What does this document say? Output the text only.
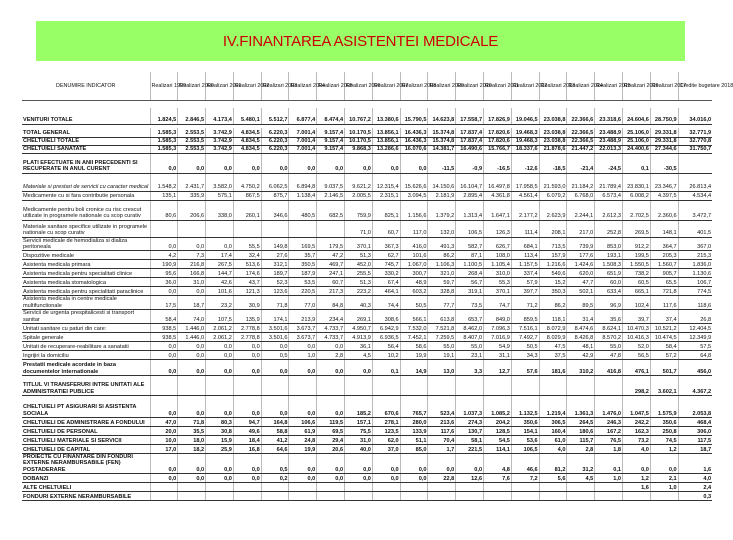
IV.FINANTAREA ASISTENTEI MEDICALE
DENUMIRE INDICATOR	Realizari 1999	Realizari 2000	Realizari 2001	Realizari 2002	Realizari 2003	Realizari 2004	Realizari 2005	Realizari 2006	Realizari 2007	Realizari 2008	Realizari 2009	Realizari 2010	Realizari 2011	Realizari 2012	Realizari 2013	Realizari 2014	Realizari 2015	Realizari 2016	Realizari 2017	Credite bugetare 2018

VENITURI TOTALE	1.824,5	2.846,5	4.173,4	5.480,1	5.512,7	6.877,4	8.474,4	10.767,2	13.380,6	15.790,5	14.623,8	17.558,7	17.826,9	19.046,5	23.038,8	22.366,6	23.318,6	24.604,6	28.750,9	34.016,0

TOTAL GENERAL	1.585,3	2.553,5	3.742,9	4.834,5	6.220,3	7.001,4	9.157,4	10.170,5	13.856,1	16.436,3	15.374,8	17.837,4	17.820,6	19.468,3	23.038,8	22.366,5	23.488,9	25.106,0	29.331,8	32.771,9
CHELTUIELI TOTALE	1.585,3	2.553,5	3.742,9	4.834,5	6.220,3	7.001,4	9.157,4	10.170,5	13.856,1	16.436,3	15.374,8	17.837,4	17.820,6	19.468,3	23.038,8	22.366,5	23.488,9	25.106,0	29.331,8	32.770,8
CHELTUIELI SANATATE	1.585,3	2.553,5	3.742,9	4.834,5	6.220,3	7.001,4	9.157,4	9.868,3	13.286,6	16.070,6	14.381,7	16.490,6	15.766,7	18.337,6	21.878,6	21.447,2	22.013,3	24.400,6	27.344,6	31.750,7
PLATI EFECTUATE IN ANII PRECEDENTI SI RECUPERATE IN ANUL CURENT	0,0	0,0	0,0	0,0	0,0	0,0	0,0	0,0	0,0	0,0	-11,5	-0,9	-16,5	-12,6	-18,5	-21,4	-24,5	0,1	-30,5	
Materiale si prestari de servicii cu caracter medical	1.548,2	2.431,7	3.582,0	4.750,2	6.062,5	6.894,8	9.037,5	9.621,2	12.315,4	15.626,6	14.150,6	16.104,7	16.497,8	17.958,5	21.593,0	21.184,2	21.789,4	23.830,1	23.346,7	26.813,4
Medicamente cu si fara contributie personala	135,1	335,9	575,1	867,5	875,7	1.138,4	2.146,5	2.005,5	2.315,1	3.094,5	2.181,9	2.895,4	4.361,8	4.561,4	6.079,2	6.768,0	6.573,4	6.008,2	4.397,5	4.534,4
Medicamente pentru boli cronice cu risc crescut utilizate in programele nationale cu scop curativ	80,6	206,6	338,0	260,1	346,6	480,5	682,5	759,9	825,1	1.156,6	1.379,2	1.313,4	1.647,1	2.177,2	2.623,9	2.244,1	2.612,3	2.702,5	2.360,6	3.472,7
Materiale sanitare specifice utilizate in programele nationale cu scop curativ								71,0	60,7	117,0	132,0	106,5	126,3	111,4	208,1	217,0	252,8	269,5	148,1	401,5
Servicii medicale de hemodializa si dializa peritoneala	0,0	0,0	0,0	55,5	149,8	169,5	179,5	370,1	367,3	416,0	491,3	582,7	626,7	684,1	713,5	739,9	853,0	912,2	364,7	367,0
Dispozitive medicale	4,2	7,3	17,4	32,4	27,6	35,7	47,2	51,3	62,7	101,6	86,2	87,1	108,0	113,4	157,9	177,6	193,1	199,5	205,3	215,3
Asistenta medicala primara	190,9	216,8	267,5	513,6	312,1	350,5	469,7	452,0	745,7	1.067,0	1.106,3	1.100,5	1.105,4	1.157,5	1.216,6	1.424,6	1.508,3	1.550,5	1.560,7	1.836,0
Asistenta medicala pentru specialitati clinice	95,6	166,8	144,7	174,6	189,7	187,9	247,1	255,5	330,2	300,7	321,0	268,4	310,0	337,4	549,6	620,0	651,9	738,2	905,7	1.130,6
Asistenta medicala stomatologica	36,0	31,0	42,6	43,7	52,3	53,5	60,7	51,3	67,4	48,9	59,7	56,7	55,3	57,9	15,2	47,7	60,0	60,5	65,5	106,7
Asistenta medicala pentru specialitati paraclinice	0,0	0,0	101,6	121,3	123,6	220,5	217,3	223,2	464,1	603,2	328,8	319,1	370,1	397,7	350,3	502,1	633,4	665,1	721,8	774,5
Asistenta medicala in centre medicale multifunctionale	17,5	18,7	23,2	30,9	71,8	77,0	84,8	40,3	74,4	50,5	77,7	73,5	74,7	71,2	86,2	89,5	96,9	102,4	117,6	118,6
Servicii de urgenta prespitalicesti si transport sanitar	58,4	74,0	107,5	135,9	174,1	213,9	234,4	269,1	308,6	566,1	613,8	653,7	849,0	859,5	118,1	31,4	35,6	39,7	37,4	26,8
Unitati sanitare cu paturi din care:	938,5	1.446,0	2.061,2	2.778,8	3.501,6	3.673,7	4.733,7	4.950,7	6.942,9	7.532,0	7.521,8	8.462,0	7.096,3	7.516,1	8.072,9	8.474,6	8.624,1	10.470,3	10.521,2	12.404,5
Spitale generale	938,5	1.446,0	2.061,2	2.778,8	3.501,6	3.673,7	4.733,7	4.913,9	6.936,5	7.452,1	7.259,5	8.407,0	7.016,9	7.492,7	8.029,9	8.426,8	8.570,2	10.416,3	10.474,5	12.349,9
Unitati de recuperare-reabilitare a sanatatii	0,0	0,0	0,0	0,0	0,0	0,0	0,0	36,1	56,4	58,6	55,0	55,0	54,9	50,5	47,5	48,1	55,0	52,0	58,4	57,5
Ingrijiri la domiciliu	0,0	0,0	0,0	0,0	0,5	1,0	2,8	4,5	10,2	19,9	19,1	23,1	31,1	34,3	37,5	42,9	47,8	56,5	57,2	64,8
Prestatii medicale acordate in baza documentelor internationale	0,0	0,0	0,0	0,0	0,0	0,0	0,0	0,0	0,1	14,9	13,0	3,3	12,7	57,6	181,6	310,2	416,8	476,1	501,7	456,0
TITLUL VI TRANSFERURI INTRE UNITATI ALE ADMINISTRATIEI PUBLICE																		298,2	3.602,1	4.367,2
CHELTUIELI PT ASIGURARI SI ASISTENTA SOCIALA	0,0	0,0	0,0	0,0	0,0	0,0	0,0	185,2	670,6	765,7	523,4	1.037,3	1.085,2	1.132,5	1.219,4	1.361,3	1.476,0	1.047,5	1.575,9	2.053,8
CHELTUIELI DE ADMINISTRARE A FONDULUI	47,0	71,8	80,3	94,7	164,8	106,6	119,5	157,1	278,1	280,0	213,6	274,3	204,2	350,6	306,5	264,5	246,3	242,2	350,6	468,4
CHELTUIELI DE PERSONAL	20,0	35,5	30,8	49,6	58,8	61,9	69,5	75,5	123,5	133,9	117,6	130,7	128,5	154,1	160,4	180,6	167,2	162,3	250,8	306,0
CHELTUIELI MATERIALE SI SERVICII	10,0	18,0	15,9	18,4	41,2	24,8	29,4	31,0	62,0	51,1	70,4	58,1	54,5	53,6	61,0	115,7	76,5	73,2	74,5	117,5
CHELTUIELI DE CAPITAL	17,0	18,2	25,9	16,8	64,6	19,9	20,6	40,0	37,0	85,0	1,7	221,5	114,1	106,5	4,0	2,8	1,8	4,0	1,2	18,7
PROIECTE CU FINANTARE DIN FONDURI EXTERNE NERAMBURSABILE (FEN) POSTADERARE	0,0	0,0	0,0	0,0	0,5	0,0	0,0	0,0	0,0	0,0	0,0	0,0	4,8	46,6	81,2	31,2	0,1	0,0	0,0	1,6
DOBANZI	0,0	0,0	0,0	0,0	0,2	0,0	0,0	0,0	0,0	0,0	22,8	12,6	7,6	7,2	5,6	4,5	1,0	1,2	2,1	4,0
ALTE CHELTUIELI																		1,6	1,0	2,4
FONDURI EXTERNE NERAMBURSABILE																				0,3
